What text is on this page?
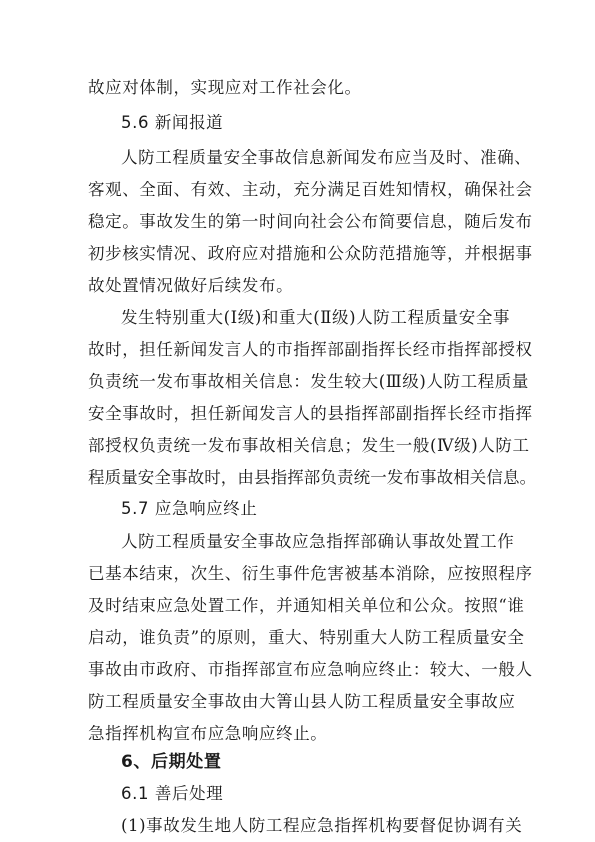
故应对体制，实现应对工作社会化。
5.6 新闻报道
人防工程质量安全事故信息新闻发布应当及时、准确、
客观、全面、有效、主动，充分满足百姓知情权，确保社会
稳定。事故发生的第一时间向社会公布简要信息，随后发布
初步核实情况、政府应对措施和公众防范措施等，并根据事
故处置情况做好后续发布。
发生特别重大(Ⅰ级)和重大(Ⅱ级)人防工程质量安全事
故时，担任新闻发言人的市指挥部副指挥长经市指挥部授权
负责统一发布事故相关信息：发生较大(Ⅲ级)人防工程质量
安全事故时，担任新闻发言人的县指挥部副指挥长经市指挥
部授权负责统一发布事故相关信息；发生一般(Ⅳ级)人防工
程质量安全事故时，由县指挥部负责统一发布事故相关信息。
5.7 应急响应终止
人防工程质量安全事故应急指挥部确认事故处置工作
已基本结束，次生、衍生事件危害被基本消除，应按照程序
及时结束应急处置工作，并通知相关单位和公众。按照“谁
启动，谁负责”的原则，重大、特别重大人防工程质量安全
事故由市政府、市指挥部宣布应急响应终止：较大、一般人
防工程质量安全事故由大箐山县人防工程质量安全事故应
急指挥机构宣布应急响应终止。
6、后期处置
6.1 善后处理
(1)事故发生地人防工程应急指挥机构要督促协调有关
